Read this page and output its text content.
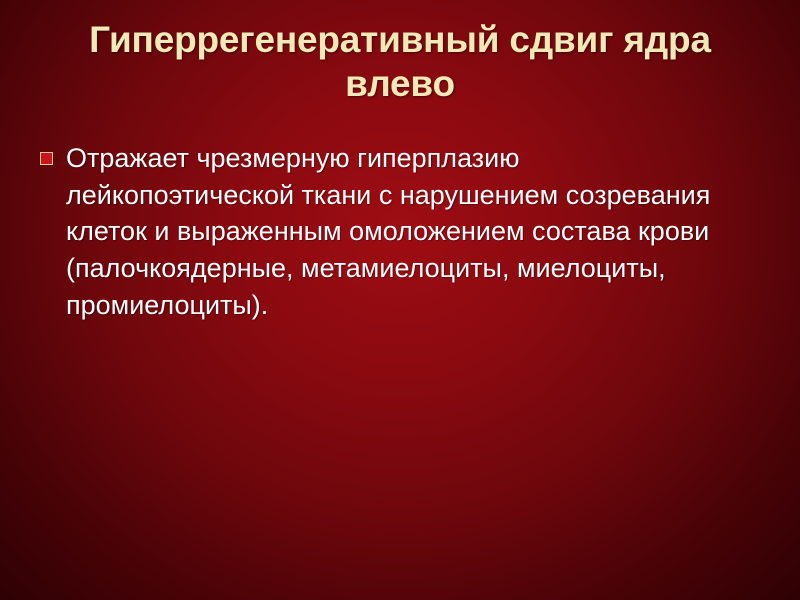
Гиперрегенеративный сдвиг ядра влево
Отражает чрезмерную гиперплазию лейкопоэтической ткани с нарушением созревания клеток и выраженным омоложением состава крови (палочкоядерные, метамиелоциты, миелоциты, промиелоциты).
